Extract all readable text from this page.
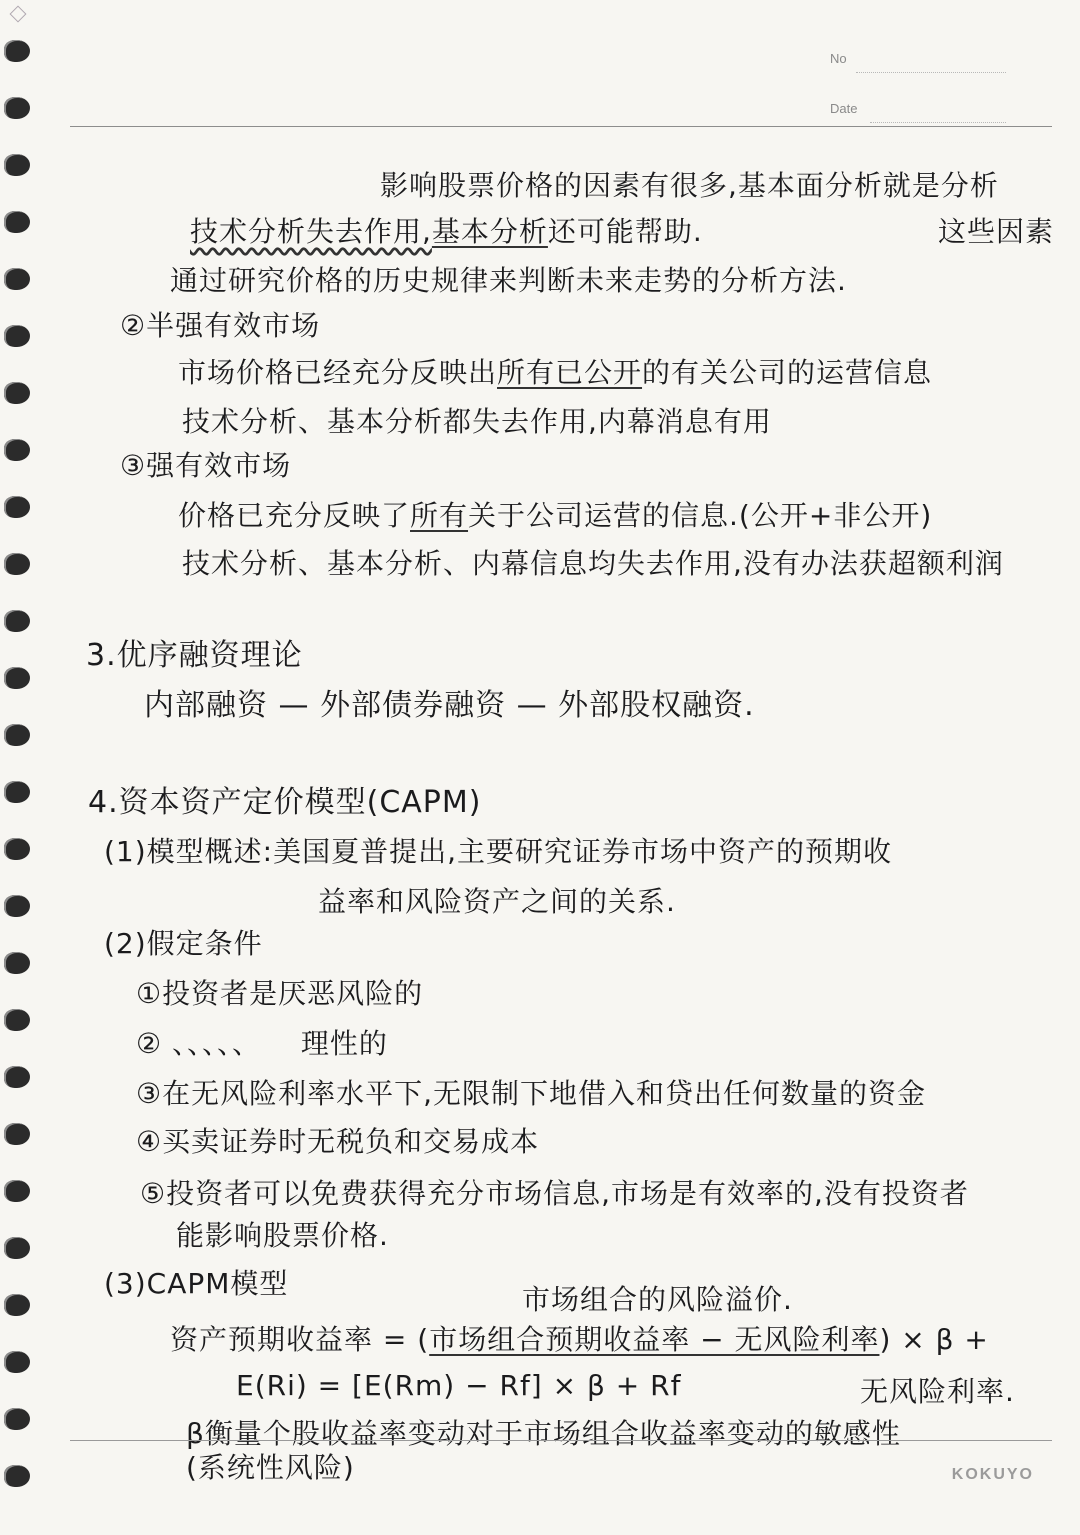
No
Date
影响股票价格的因素有很多,基本面分析就是分析
技术分析失去作用,基本分析还可能帮助.	这些因素
通过研究价格的历史规律来判断未来走势的分析方法.
②半强有效市场
市场价格已经充分反映出所有已公开的有关公司的运营信息
技术分析、基本分析都失去作用,内幕消息有用
③强有效市场
价格已充分反映了所有关于公司运营的信息.(公开+非公开)
技术分析、基本分析、内幕信息均失去作用,没有办法获超额利润
3.优序融资理论
内部融资 — 外部债券融资 — 外部股权融资.
4.资本资产定价模型(CAPM)
(1)模型概述:美国夏普提出,主要研究证券市场中资产的预期收
益率和风险资产之间的关系.
(2)假定条件
①投资者是厌恶风险的
② 、、、、、 理性的
③在无风险利率水平下,无限制下地借入和贷出任何数量的资金
④买卖证券时无税负和交易成本
⑤投资者可以免费获得充分市场信息,市场是有效率的,没有投资者
能影响股票价格.
(3)CAPM模型	市场组合的风险溢价.
资产预期收益率 = (市场组合预期收益率 − 无风险利率) × β +
E(Ri) = [E(Rm) − Rf] × β + Rf	无风险利率.
β衡量个股收益率变动对于市场组合收益率变动的敏感性
(系统性风险)	KOKUYO
